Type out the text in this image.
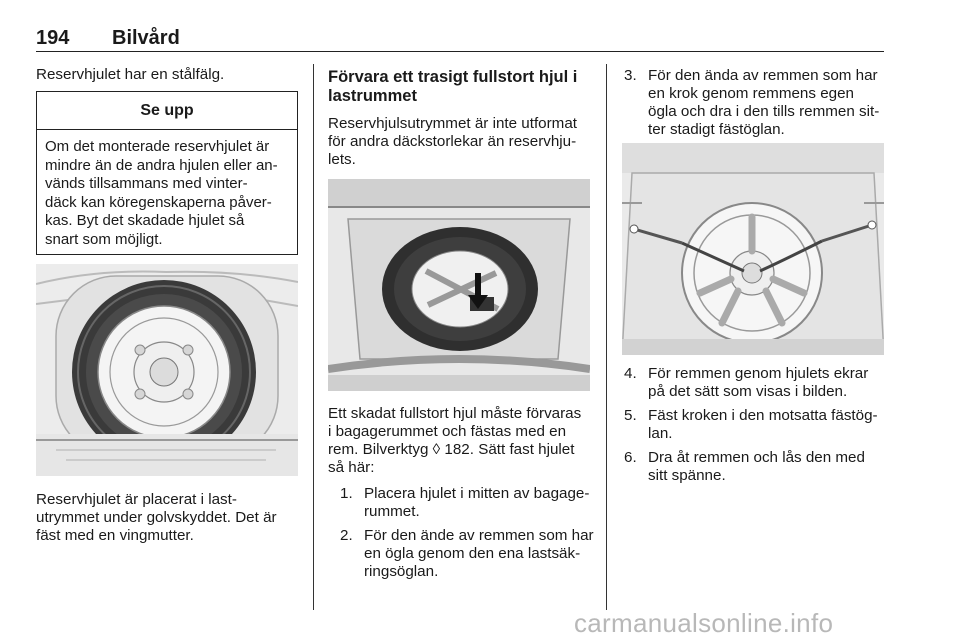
194 Bilvård
Reservhjulet har en stålfälg.
Se upp
Om det monterade reservhjulet är
mindre än de andra hjulen eller an-
vänds tillsammans med vinter-
däck kan köregenskaperna påver-
kas. Byt det skadade hjulet så
snart som möjligt.
Reservhjulet är placerat i last-
utrymmet under golvskyddet. Det är
fäst med en vingmutter.
Förvara ett trasigt fullstort hjul i
lastrummet
Reservhjulsutrymmet är inte utformat
för andra däckstorlekar än reservhju-
lets.
Ett skadat fullstort hjul måste förvaras
i bagagerummet och fästas med en
rem. Bilverktyg ◊ 182. Sätt fast hjulet
så här:
1. Placera hjulet i mitten av bagage-
rummet.
2. För den ände av remmen som har
en ögla genom den ena lastsäk-
ringsöglan.
3. För den ända av remmen som har
en krok genom remmens egen
ögla och dra i den tills remmen sit-
ter stadigt fästöglan.
4. För remmen genom hjulets ekrar
på det sätt som visas i bilden.
5. Fäst kroken i den motsatta fästög-
lan.
6. Dra åt remmen och lås den med
sitt spänne.
carmanualsonline.info
